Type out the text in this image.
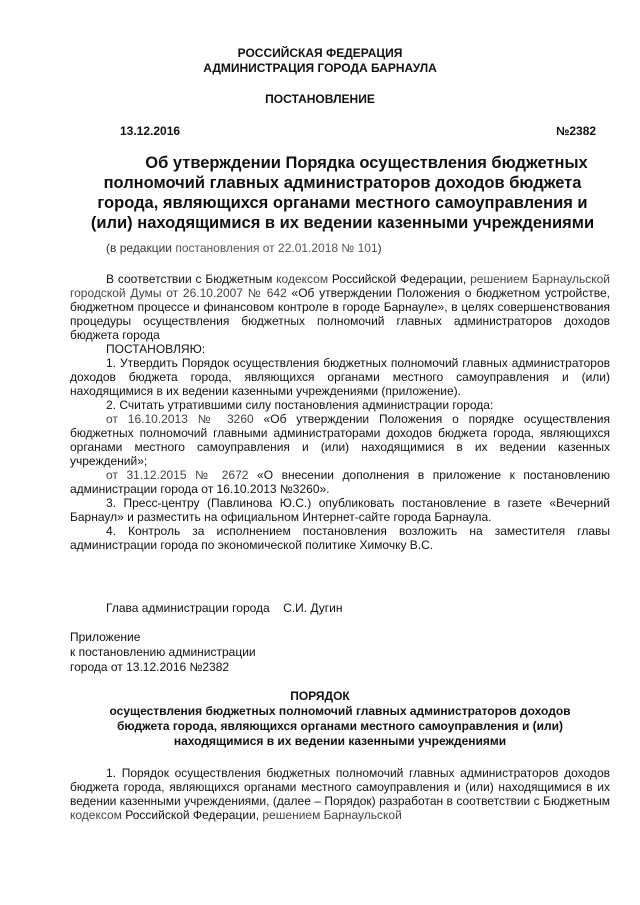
РОССИЙСКАЯ ФЕДЕРАЦИЯ
АДМИНИСТРАЦИЯ ГОРОДА БАРНАУЛА
ПОСТАНОВЛЕНИЕ
13.12.2016	№2382
Об утверждении Порядка осуществления бюджетных
полномочий главных администраторов доходов бюджета
города, являющихся органами местного самоуправления и
(или) находящимися в их ведении казенными учреждениями
(в редакции постановления от 22.01.2018 № 101)

В соответствии с Бюджетным кодексом Российской Федерации, решением Барнаульской городской Думы от 26.10.2007 № 642 «Об утверждении Положения о бюджетном устройстве, бюджетном процессе и финансовом контроле в городе Барнауле», в целях совершенствования процедуры осуществления бюджетных полномочий главных администраторов доходов бюджета города

ПОСТАНОВЛЯЮ:

1. Утвердить Порядок осуществления бюджетных полномочий главных администраторов доходов бюджета города, являющихся органами местного самоуправления и (или) находящимися в их ведении казенными учреждениями (приложение).

2. Считать утратившими силу постановления администрации города:

от 16.10.2013 № 3260 «Об утверждении Положения о порядке осуществления бюджетных полномочий главными администраторами доходов бюджета города, являющихся органами местного самоуправления и (или) находящимися в их ведении казенных учреждений»;

от 31.12.2015 № 2672 «О внесении дополнения в приложение к постановлению администрации города от 16.10.2013 №3260».

3. Пресс-центру (Павлинова Ю.С.) опубликовать постановление в газете «Вечерний Барнаул» и разместить на официальном Интернет-сайте города Барнаула.

4. Контроль за исполнением постановления возложить на заместителя главы администрации города по экономической политике Химочку В.С.

Глава администрации города С.И. Дугин
Приложение
к постановлению администрации
города от 13.12.2016 №2382
ПОРЯДОК
осуществления бюджетных полномочий главных администраторов доходов
бюджета города, являющихся органами местного самоуправления и (или)
находящимися в их ведении казенными учреждениями

1. Порядок осуществления бюджетных полномочий главных администраторов доходов бюджета города, являющихся органами местного самоуправления и (или) находящимися в их ведении казенными учреждениями, (далее – Порядок) разработан в соответствии с Бюджетным кодексом Российской Федерации, решением Барнаульской
